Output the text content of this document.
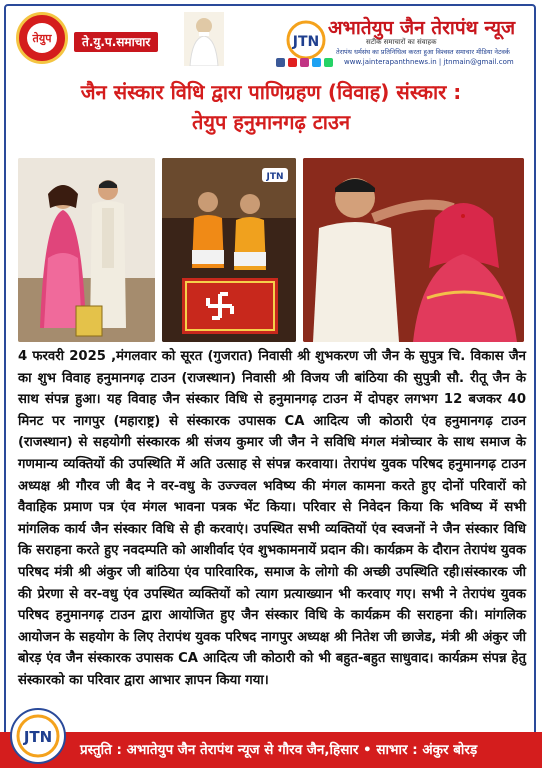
तेयुप	ते.यु.प.समाचार	JTN
अभातेयुप जैन तेरापंथ न्यूज
सटीक समाचारों का संवाहक
तेरापंथ धर्मसंघ का प्रतिनिधित्व करता हुआ विश्वस्त समाचार मीडिया नेटवर्क
www.jainterapanthnews.in | jtnmain@gmail.com
जैन संस्कार विधि द्वारा पाणिग्रहण (विवाह) संस्कार :
तेयुप हनुमानगढ़ टाउन
JTN
4 फरवरी 2025 ,मंगलवार को सूरत (गुजरात) निवासी श्री शुभकरण जी जैन के सुपुत्र चि. विकास जैन का शुभ विवाह हनुमानगढ़ टाउन (राजस्थान) निवासी श्री विजय जी बांठिया की सुपुत्री सौ. रीतू जैन के साथ संपन्न हुआ। यह विवाह जैन संस्कार विधि से हनुमानगढ़ टाउन में दोपहर लगभग 12 बजकर 40 मिनट पर नागपुर (महाराष्ट्र) से संस्कारक उपासक CA आदित्य जी कोठारी एंव हनुमानगढ़ टाउन (राजस्थान) से सहयोगी संस्कारक श्री संजय कुमार जी जैन ने सविधि मंगल मंत्रोच्चार के साथ समाज के गणमान्य व्यक्तियों की उपस्थिति में अति उत्साह से संपन्न करवाया। तेरापंथ युवक परिषद हनुमानगढ़ टाउन अध्यक्ष श्री गौरव जी बैद ने वर-वधु के उज्ज्वल भविष्य की मंगल कामना करते हुए दोनों परिवारों को वैवाहिक प्रमाण पत्र एंव मंगल भावना पत्रक भेंट किया। परिवार से निवेदन किया कि भविष्य में सभी मांगलिक कार्य जैन संस्कार विधि से ही करवाएं। उपस्थित सभी व्यक्तियों एंव स्वजनों ने जैन संस्कार विधि कि सराहना करते हुए नवदम्पति को आशीर्वाद एंव शुभकामनायें प्रदान की। कार्यक्रम के दौरान तेरापंथ युवक परिषद मंत्री श्री अंकुर जी बांठिया एंव पारिवारिक, समाज के लोगो की अच्छी उपस्थिति रही।संस्कारक जी की प्रेरणा से वर-वधु एंव उपस्थित व्यक्तियों को त्याग प्रत्याख्यान भी करवाए गए। सभी ने तेरापंथ युवक परिषद हनुमानगढ़ टाउन द्वारा आयोजित हुए जैन संस्कार विधि के कार्यक्रम की सराहना की। मांगलिक आयोजन के सहयोग के लिए तेरापंथ युवक परिषद नागपुर अध्यक्ष श्री नितेश जी छाजेड, मंत्री श्री अंकुर जी बोरड़ एंव जैन संस्कारक उपासक CA आदित्य जी कोठारी को भी बहुत-बहुत साधुवाद। कार्यक्रम संपन्न हेतु संस्कारको का परिवार द्वारा आभार ज्ञापन किया गया।
JTN
प्रस्तुति : अभातेयुप जैन तेरापंथ न्यूज से गौरव जैन,हिसार • साभार : अंकुर बोरड़
